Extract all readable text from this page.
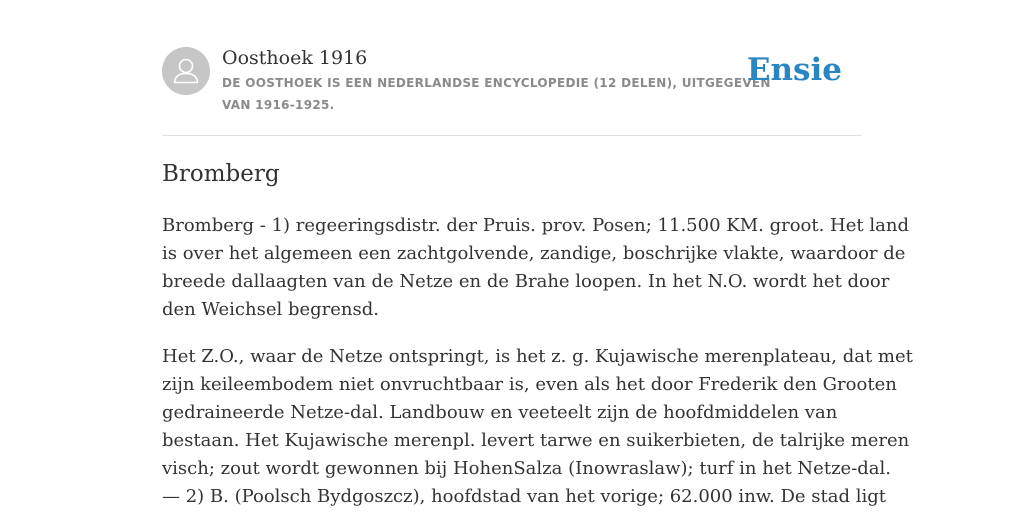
Oosthoek 1916
DE OOSTHOEK IS EEN NEDERLANDSE ENCYCLOPEDIE (12 DELEN), UITGEGEVEN
VAN 1916-1925.
Ensie
Bromberg

Bromberg - 1) regeeringsdistr. der Pruis. prov. Posen; 11.500 KM. groot. Het land
is over het algemeen een zachtgolvende, zandige, boschrijke vlakte, waardoor de
breede dallaagten van de Netze en de Brahe loopen. In het N.O. wordt het door
den Weichsel begrensd.

Het Z.O., waar de Netze ontspringt, is het z. g. Kujawische merenplateau, dat met
zijn keileembodem niet onvruchtbaar is, even als het door Frederik den Grooten
gedraineerde Netze-dal. Landbouw en veeteelt zijn de hoofdmiddelen van
bestaan. Het Kujawische merenpl. levert tarwe en suikerbieten, de talrijke meren
visch; zout wordt gewonnen bij HohenSalza (Inowraslaw); turf in het Netze-dal.
— 2) B. (Poolsch Bydgoszcz), hoofdstad van het vorige; 62.000 inw. De stad ligt
